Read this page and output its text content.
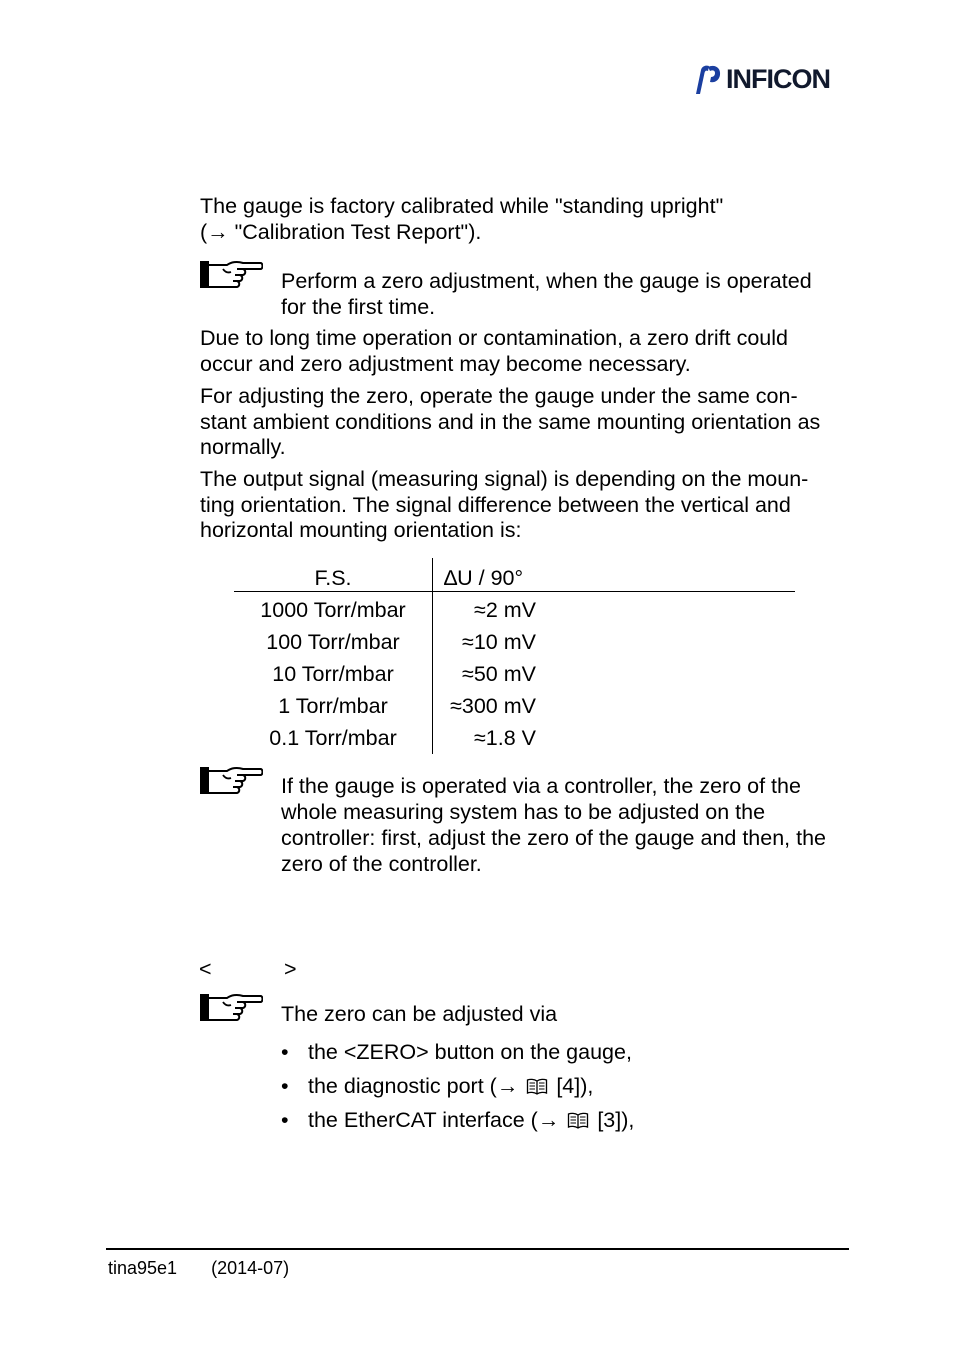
INFICON

The gauge is factory calibrated while "standing upright"
(→ "Calibration Test Report").

Perform a zero adjustment, when the gauge is operated for the first time.

Due to long time operation or contamination, a zero drift could occur and zero adjustment may become necessary.

For adjusting the zero, operate the gauge under the same con-stant ambient conditions and in the same mounting orientation as normally.

The output signal (measuring signal) is depending on the moun-ting orientation. The signal difference between the vertical and horizontal mounting orientation is:

F.S.	∆U / 90°
1000 Torr/mbar	≈2 mV
100 Torr/mbar	≈10 mV
10 Torr/mbar	≈50 mV
1 Torr/mbar	≈300 mV
0.1 Torr/mbar	≈1.8 V

If the gauge is operated via a controller, the zero of the whole measuring system has to be adjusted on the controller: first, adjust the zero of the gauge and then, the zero of the controller.

<	>

The zero can be adjusted via

• the <ZERO> button on the gauge,
• the diagnostic port (→ [4]),
• the EtherCAT interface (→ [3]),
tina95e1 (2014-07)
